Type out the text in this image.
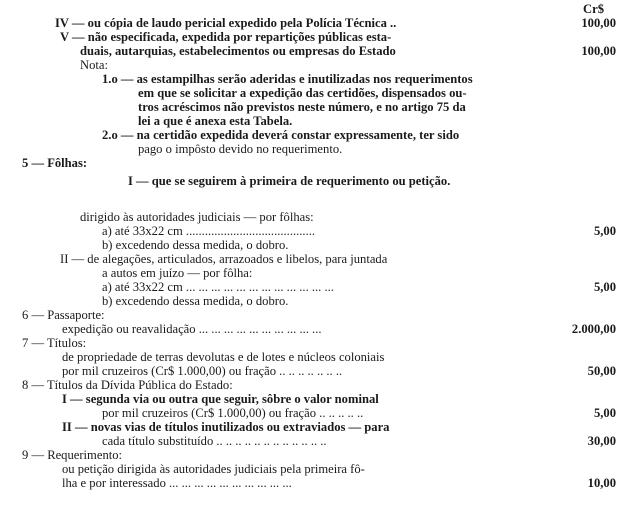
Cr$
IV — ou cópia de laudo pericial expedido pela Polícia Técnica ..	100,00
V — não especificada, expedida por repartições públicas esta-
duais, autarquias, estabelecimentos ou empresas do Estado	100,00
Nota:
1.o — as estampilhas serão aderidas e inutilizadas nos requerimentos
em que se solicitar a expedição das certidões, dispensados ou-
tros acréscimos não previstos neste número, e no artigo 75 da
lei a que é anexa esta Tabela.
2.o — na certidão expedida deverá constar expressamente, ter sido
pago o impôsto devido no requerimento.
5 — Fôlhas:
I — que se seguirem à primeira de requerimento ou petição.
dirigido às autoridades judiciais — por fôlhas:
a) até 33x22 cm .........................................	5,00
b) excedendo dessa medida, o dobro.
II — de alegações, articulados, arrazoados e libelos, para juntada
a autos em juízo — por fôlha:
a) até 33x22 cm ... ... ... ... ... ... ... ... ... ... ... ...	5,00
b) excedendo dessa medida, o dobro.
6 — Passaporte:
expedição ou reavalidação ... ... ... ... ... ... ... ... ... ...	2.000,00
7 — Títulos:
de propriedade de terras devolutas e de lotes e núcleos coloniais
por mil cruzeiros (Cr$ 1.000,00) ou fração .. .. .. .. .. .. ..	50,00
8 — Títulos da Dívida Pública do Estado:
I — segunda via ou outra que seguir, sôbre o valor nominal
por mil cruzeiros (Cr$ 1.000,00) ou fração .. .. .. .. ..	5,00
II — novas vias de títulos inutilizados ou extraviados — para
cada título substituído .. .. .. .. .. .. .. .. .. .. .. ..	30,00
9 — Requerimento:
ou petição dirigida às autoridades judiciais pela primeira fô-
lha e por interessado ... ... ... ... ... ... ... ... ... ...	10,00
